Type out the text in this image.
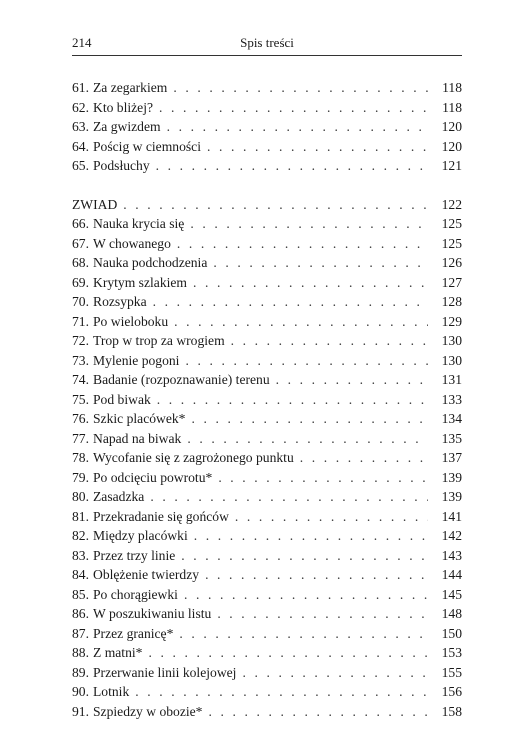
214	Spis treści
61. Za zegarkiem . . .	118
62. Kto bliżej? . . .	118
63. Za gwizdem . . .	120
64. Pościg w ciemności . . .	120
65. Podsłuchy . . .	121
ZWIAD . . .	122
66. Nauka krycia się . . .	125
67. W chowanego . . .	125
68. Nauka podchodzenia . . .	126
69. Krytym szlakiem . . .	127
70. Rozsypka . . .	128
71. Po wieloboku . . .	129
72. Trop w trop za wrogiem . . .	130
73. Mylenie pogoni . . .	130
74. Badanie (rozpoznawanie) terenu . . .	131
75. Pod biwak . . .	133
76. Szkic placówek* . . .	134
77. Napad na biwak . . .	135
78. Wycofanie się z zagrożonego punktu . . .	137
79. Po odcięciu powrotu* . . .	139
80. Zasadzka . . .	139
81. Przekradanie się gońców . . .	141
82. Między placówki . . .	142
83. Przez trzy linie . . .	143
84. Oblężenie twierdzy . . .	144
85. Po chorągiewki . . .	145
86. W poszukiwaniu listu . . .	148
87. Przez granicę* . . .	150
88. Z matni* . . .	153
89. Przerwanie linii kolejowej . . .	155
90. Lotnik . . .	156
91. Szpiedzy w obozie* . . .	158
